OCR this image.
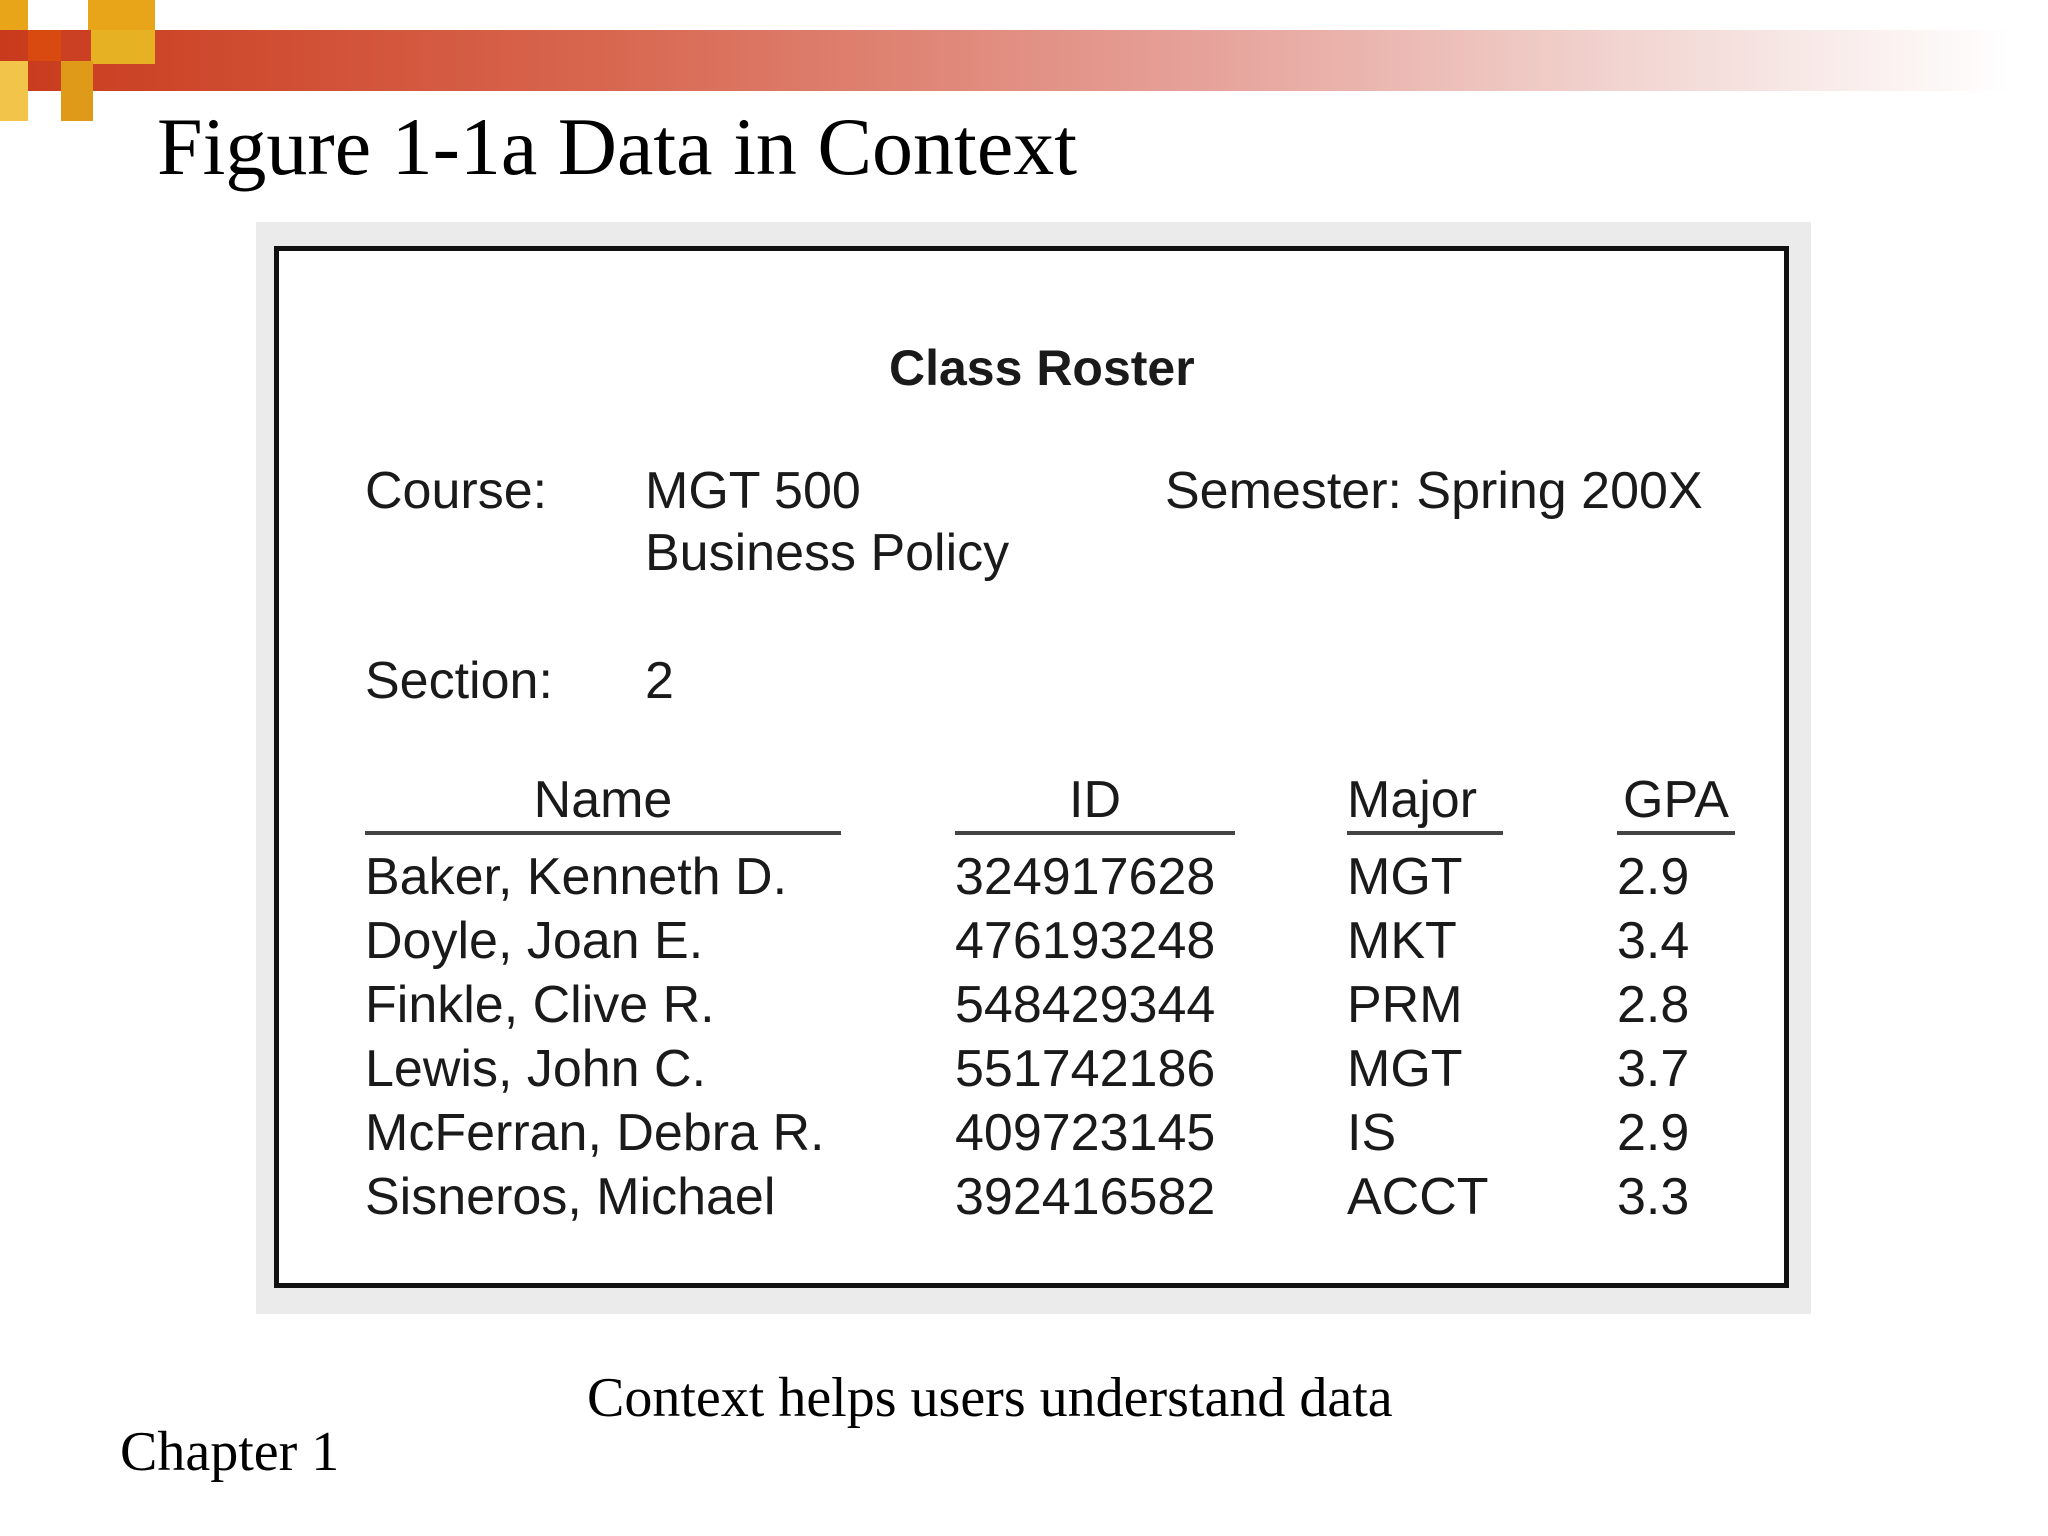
Figure 1-1a Data in Context
Class Roster
Course: MGT 500
Business Policy
Semester: Spring 200X
Section: 2
Name	ID	Major	GPA
Baker, Kenneth D.	324917628	MGT	2.9
Doyle, Joan E.	476193248	MKT	3.4
Finkle, Clive R.	548429344	PRM	2.8
Lewis, John C.	551742186	MGT	3.7
McFerran, Debra R.	409723145	IS	2.9
Sisneros, Michael	392416582	ACCT 3.3
Context helps users understand data
Chapter 1
